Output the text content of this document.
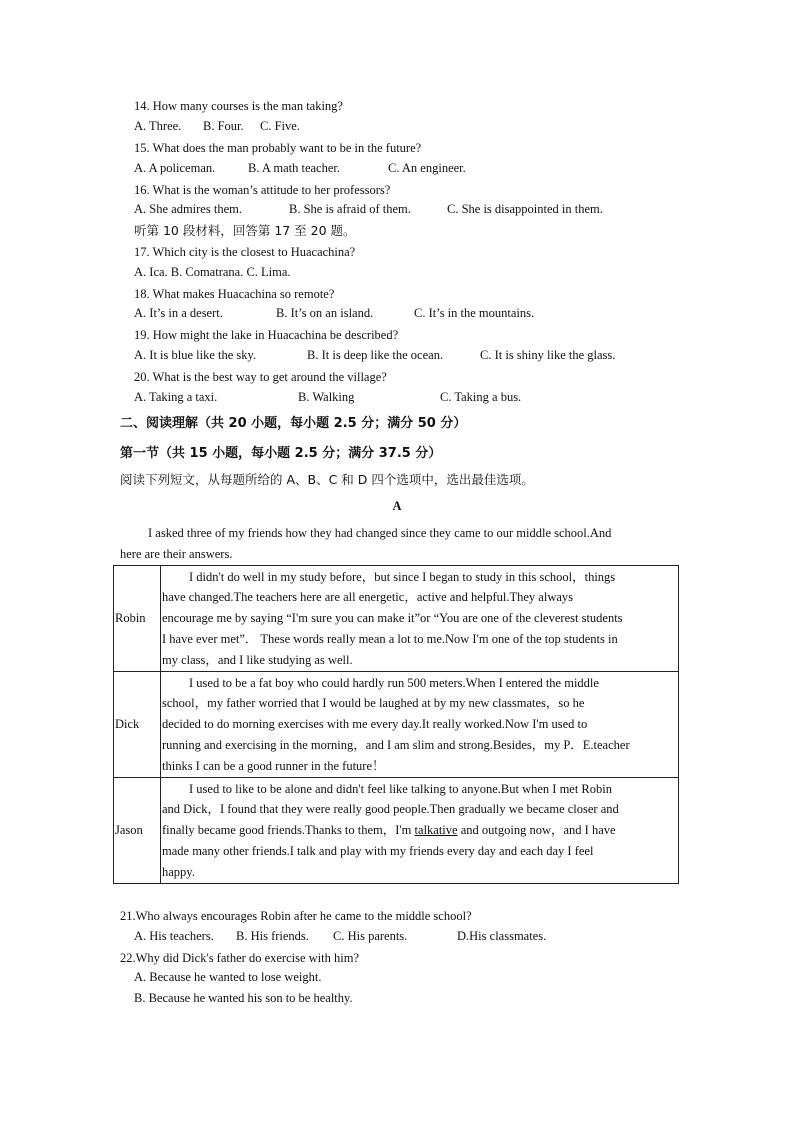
14. How many courses is the man taking?
A. Three. B. Four. C. Five.
15. What does the man probably want to be in the future?
A. A policeman.	B. A math teacher.	C. An engineer.
16. What is the woman’s attitude to her professors?
A. She admires them.	B. She is afraid of them.	C. She is disappointed in them.
听第 10 段材料，回答第 17 至 20 题。
17. Which city is the closest to Huacachina?
A. Ica. B. Comatrana. C. Lima.
18. What makes Huacachina so remote?
A. It’s in a desert.	B. It’s on an island.	C. It’s in the mountains.
19. How might the lake in Huacachina be described?
A. It is blue like the sky.	B. It is deep like the ocean.	C. It is shiny like the glass.
20. What is the best way to get around the village?
A. Taking a taxi.	B. Walking	C. Taking a bus.
二、阅读理解（共 20 小题，每小题 2.5 分；满分 50 分）
第一节（共 15 小题，每小题 2.5 分；满分 37.5 分）
阅读下列短文，从每题所给的 A、B、C 和 D 四个选项中，选出最佳选项。
A
I asked three of my friends how they had changed since they came to our middle school.And
here are their answers.
Robin	I didn't do well in my study before，but since I began to study in this school，things
have changed.The teachers here are all energetic，active and helpful.They always
encourage me by saying “I'm sure you can make it”or “You are one of the cleverest students
I have ever met”． These words really mean a lot to me.Now I'm one of the top students in
my class，and I like studying as well.

Dick	I used to be a fat boy who could hardly run 500 meters.When I entered the middle
school，my father worried that I would be laughed at by my new classmates，so he
decided to do morning exercises with me every day.It really worked.Now I'm used to
running and exercising in the morning，and I am slim and strong.Besides，my P．E.teacher
thinks I can be a good runner in the future！

Jason	I used to like to be alone and didn't feel like talking to anyone.But when I met Robin
and Dick，I found that they were really good people.Then gradually we became closer and
finally became good friends.Thanks to them，I'm talkative and outgoing now，and I have
made many other friends.I talk and play with my friends every day and each day I feel
happy.
21.Who always encourages Robin after he came to the middle school?
A. His teachers. B. His friends. C. His parents.	D.His classmates.
22.Why did Dick's father do exercise with him?
A. Because he wanted to lose weight.
B. Because he wanted his son to be healthy.
